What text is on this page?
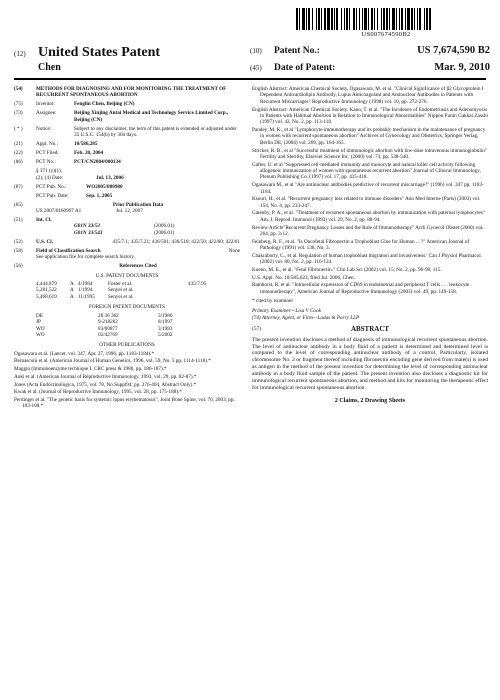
US007674590B2
(12) United States Patent
Chen
(10)	Patent No.:	US 7,674,590 B2
(45)	Date of Patent:	Mar. 9, 2010
(54)	METHODS FOR DIAGNOSING AND FOR MONITORING THE TREATMENT OF RECURRENT SPONTANEOUS ABORTION
(75)	Inventor:	Fenglin Chen, Beijing (CN)
(73)	Assignee:	Beijing Xinjing Antai Medical and Technology Service Limited Corp., Beijing (CN)
( * )	Notice:	Subject to any disclaimer, the term of this patent is extended or adjusted under 35 U.S.C. 154(b) by 304 days.
(21)	Appl. No.:	10/586,285
(22)	PCT Filed:	Feb. 20, 2004
(86)	PCT No.:	PCT/CN2004/000134
§ 371 (c)(1),
(2), (4) Date:	Jul. 13, 2006
(87)	PCT Pub. No.:	WO2005/080980
PCT Pub. Date:	Sep. 1, 2005
(65)	Prior Publication Data
US 2007/0160997 A1	Jul. 12, 2007
(51)	Int. Cl.
G01N 33/53	(2006.01)
G01N 33/543	(2006.01)
(52)	U.S. Cl.	435/7.1; 435/7.21; 436/501; 436/518; 422/50; 422/60; 422/61
(58)	Field of Classification Search	None
See application file for complete search history.
(56)	References Cited
U.S. PATENT DOCUMENTS
4,444,879	A 4/1984	Foster et al.	435/7.95
5,281,522	A 1/1994	Senyei et al.
5,468,619	A 11/1995	Senyei et al.
FOREIGN PATENT DOCUMENTS
DE	28 36 362	3/1980
JP	9-218202	8/1997
WO	83/00877	3/1983
WO	02/42769	5/2002
OTHER PUBLICATIONS
Ogasawara et al. (Lancet, vol. 347, Apr. 27, 1996, pp. 1183-1184).*
Bernasconi et al. (American Journal of Human Genetics, 1996, vol. 59, No. 5 pp. 1114-1118).*
Maggio (Immunoenzyme technique I, CRC press & 1980, pp. 186-187).*
Aoki et al. (American Journal of Reproductive Immunology, 1993, vol. 29, pp. 82-87).*
Jones (Acta Endocrinologica, 1975, vol. 78, No.Suppl94, pp. 376-404, Abstract Only).*
Kwak et al. (Journal of Reproductive Immunology, 1995, vol. 28, pp. 175-188).*
Perdinger et al. "The genetic basis for systemic lupus erythematosus", Joint Bone Spine, vol. 70, 2003, pp. 103-108.*
English Abstract: American Chemical Society. Ogasawara, M. et al. "Clinical Significance of β2 Glycoprotein I Dependent Anticardiolipin Antibody, Lupus Anticoagulant and Antinuclear Antibodies in Patients with Recurrent Miscarriages" Reproductive Immunology (1998) vol. 10, pp. 272-276.
English Abstract: American Chemical Society. Kano, T. et al. "The Incidence of Endometriosis and Adenomyosis in Patients with Habitual Abortion in Relation to Immunological Abnormalities" Nippon Funin Gakkai Zasshi (1997) vol. 42, No. 2, pp. 113-118.
Pandey, M. K., et al "Lymphocyte immunotherapy and its probably mechanism in the maintenance of pregnancy in women with recurrent spontaneous abortion" Archives of Gynecology and Obstetrics, Springer Verlag, Berlin DE, (2004) vol. 269, pp. 164-165.
Stricker, R. B., et al "Successful treatment of immunologic abortion with low-dose intravenous immunoglobulin" Fertility and Sterility, Elsevier Science Inc. (2000) vol. 73, pp. 538-540.
Gafter, U. et al "Suppressed cell-mediated immunity and monocyte and natural killer cell activity following allogeneic immunization of women with spontaneous recurrent abortion" Journal of Clinical Immunology, Plenum Publishing Co. (1997) vol. 17, pp. 415-418.
Ogasawara M., et al "Are antinuclear antibodies predictive of recurrent miscarriage?" (1996) vol. 347 pp. 1183-1184.
Ksouri, H., et al. "Recurrent pregnancy loss related to immune disorders" Ann Med Interne (Paris) (2003) vol. 154, No. 4, pp. 233-247.
Gatenby, P. A., et al. "Treatment of recurrent spontaneous abortion by immunization with paternal lymphocytes" Am. J. Reprod. Immunol (1993) vol. 29, No. 2, pp. 88-94.
Review Article"Recurrent Pregnancy Losses and the Role of Immunotherapy" Arch Gynecol Obstet (2000) vol. 264, pp. 3-12.
Feinberg, R. F., et al. "Is Oncofetal Fibronectin a Trophoblast Glue for Human ... ?" American Journal of Pathology (1991) vol. 138, No. 3.
Chakraborty, C., et al. Regulation of human trophoblast migration and invasiveness.' Can J Physiol Pharmacol. (2002) vol. 80, No. 2, pp. 116-124.
Koenn, M. E., et al. "Fetal Fibronectin." Clin Lab Sci (2002) vol. 15, No. 2, pp. 96-98, 115.
U.S. Appl. No. 10/585,623, filed Jul. 2006, Chen.
Ramhorst, R. et al. "Intracellular expression of CD69 in endometrial and peripheral T cells . . . leukocyte immunotherapy", American Journal of Reproductive Immunology (2003) vol. 49, pp. 149-158.
* cited by examiner
Primary Examiner—Lisa V Cook
(74) Attorney, Agent, or Firm—Ladas & Parry LLP
(57)	ABSTRACT
The present invention discloses a method of diagnosis of immunological recurrent spontaneous abortion. The level of antinuclear antibody in a body fluid of a patient is determined and determined level is compared to the level of corresponding antinuclear antibody of a control. Particularly, isolated chromosome No. 2 or fragment thereof including fibronectin encoding gene derived from male(s) is used as antigen in the method of the present invention for determining the level of corresponding antinuclear antibody in a body fluid sample of the patient. The present invention also discloses a diagnostic kit for immunological recurrent spontaneous abortion, and method and kits for monitoring the therapeutic effect for immunological recurrent spontaneous abortion.
2 Claims, 2 Drawing Sheets
